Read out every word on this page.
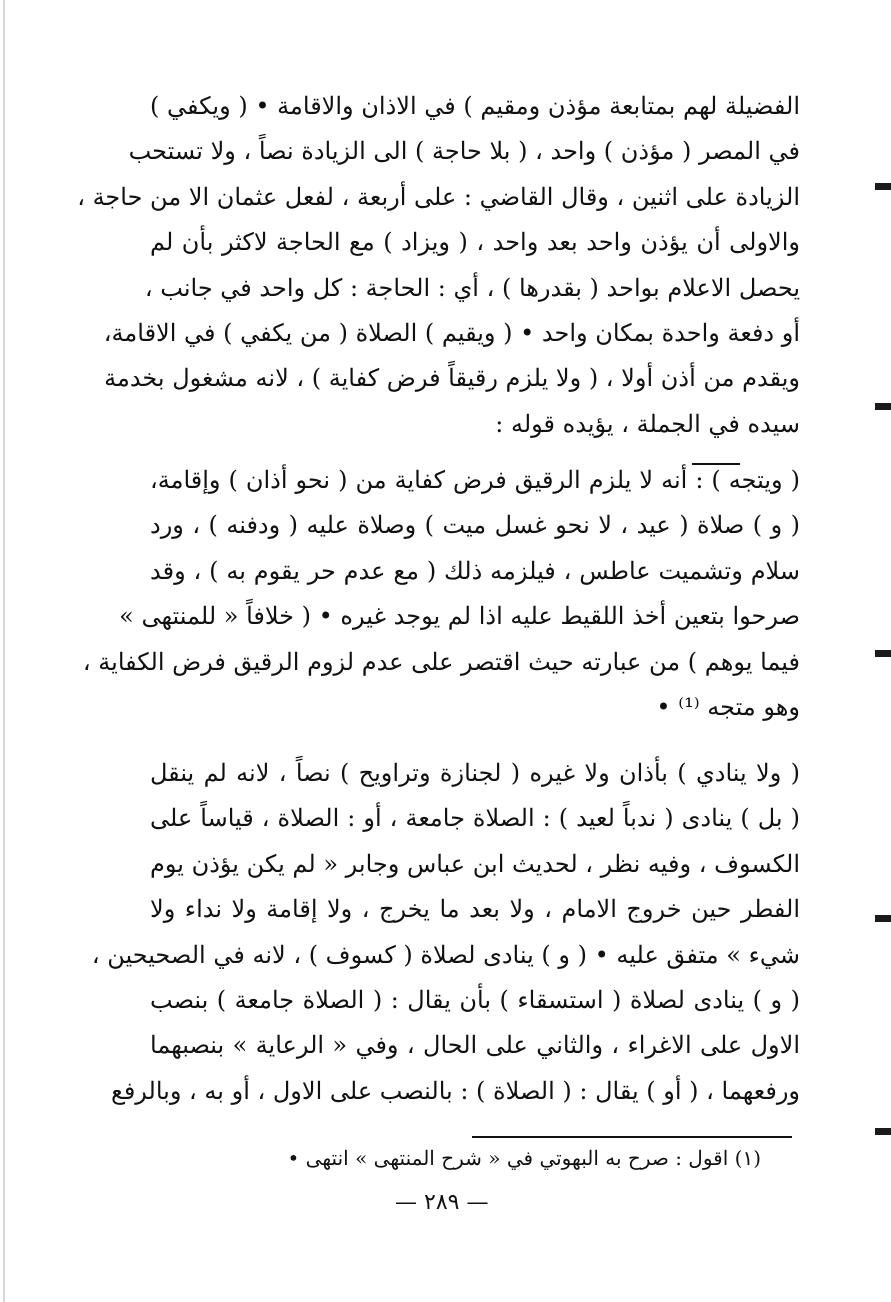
الفضيلة لهم بمتابعة مؤذن ومقيم ) في الاذان والاقامة • ( ويكفي )
في المصر ( مؤذن ) واحد ، ( بلا حاجة ) الى الزيادة نصاً ، ولا تستحب
الزيادة على اثنين ، وقال القاضي : على أربعة ، لفعل عثمان الا من حاجة ،
والاولى أن يؤذن واحد بعد واحد ، ( ويزاد ) مع الحاجة لاكثر بأن لم
يحصل الاعلام بواحد ( بقدرها ) ، أي : الحاجة : كل واحد في جانب ،
أو دفعة واحدة بمكان واحد • ( ويقيم ) الصلاة ( من يكفي ) في الاقامة،
ويقدم من أذن أولا ، ( ولا يلزم رقيقاً فرض كفاية ) ، لانه مشغول بخدمة
سيده في الجملة ، يؤيده قوله :
( ويتجه ) : أنه لا يلزم الرقيق فرض كفاية من ( نحو أذان ) وإقامة،
( و ) صلاة ( عيد ، لا نحو غسل ميت ) وصلاة عليه ( ودفنه ) ، ورد
سلام وتشميت عاطس ، فيلزمه ذلك ( مع عدم حر يقوم به ) ، وقد
صرحوا بتعين أخذ اللقيط عليه اذا لم يوجد غيره • ( خلافاً « للمنتهى »
فيما يوهم ) من عبارته حيث اقتصر على عدم لزوم الرقيق فرض الكفاية ،
وهو متجه ⁽¹⁾ •
( ولا ينادي ) بأذان ولا غيره ( لجنازة وتراويح ) نصاً ، لانه لم ينقل
( بل ) ينادى ( ندباً لعيد ) : الصلاة جامعة ، أو : الصلاة ، قياساً على
الكسوف ، وفيه نظر ، لحديث ابن عباس وجابر « لم يكن يؤذن يوم
الفطر حين خروج الامام ، ولا بعد ما يخرج ، ولا إقامة ولا نداء ولا
شيء » متفق عليه • ( و ) ينادى لصلاة ( كسوف ) ، لانه في الصحيحين ،
( و ) ينادى لصلاة ( استسقاء ) بأن يقال : ( الصلاة جامعة ) بنصب
الاول على الاغراء ، والثاني على الحال ، وفي « الرعاية » بنصبهما
ورفعهما ، ( أو ) يقال : ( الصلاة ) : بالنصب على الاول ، أو به ، وبالرفع
(١) اقول : صرح به البهوتي في « شرح المنتهى » انتهى •
— ٢٨٩ —
